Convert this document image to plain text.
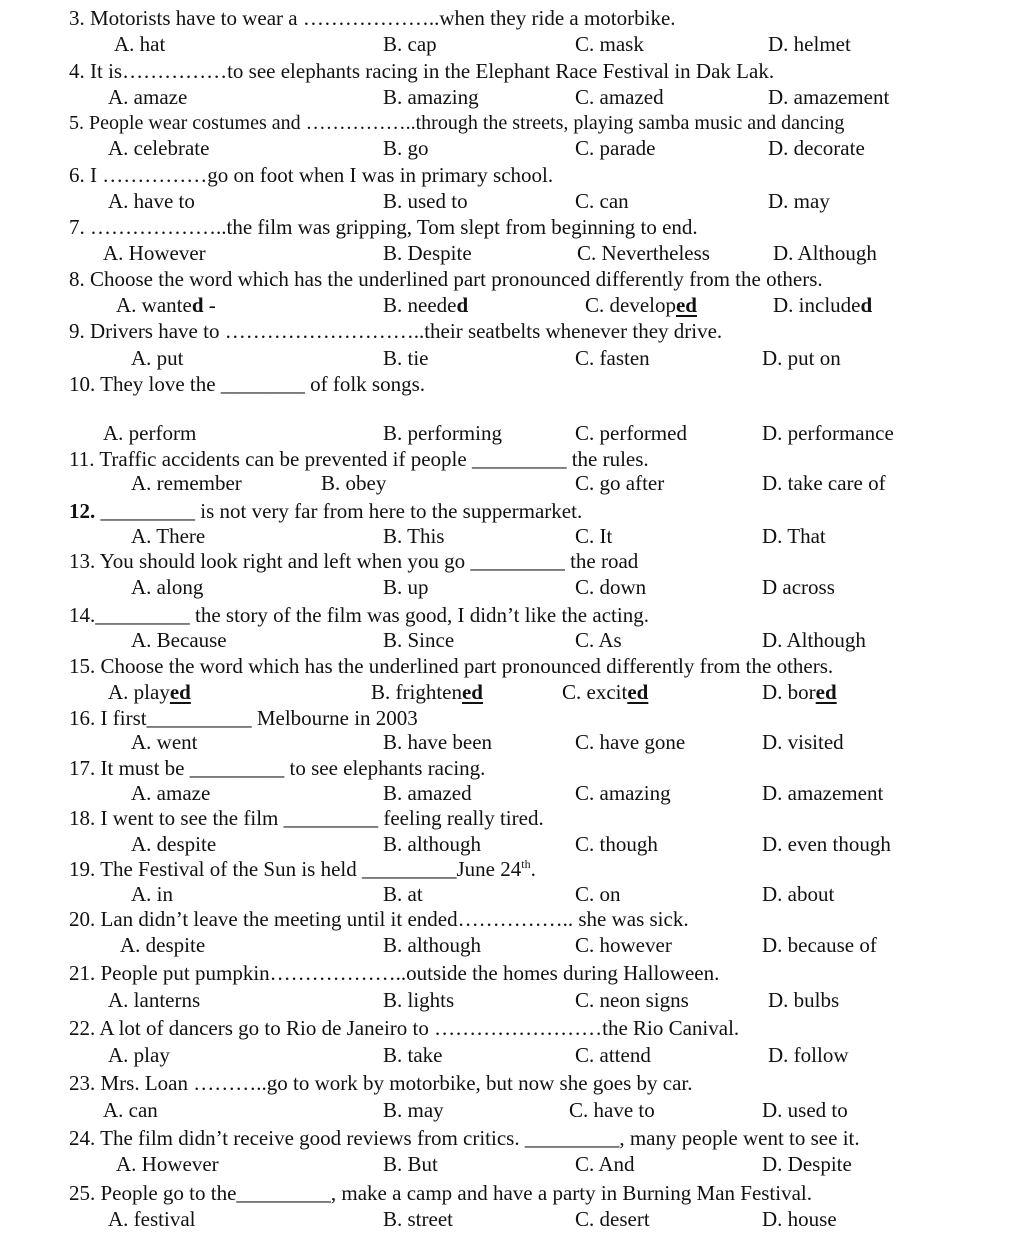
3. Motorists have to wear a ………………..when they ride a motorbike.
A. hat	B. cap	C. mask	D. helmet
4. It is……………to see elephants racing in the Elephant Race Festival in Dak Lak.
A. amaze	B. amazing	C. amazed	D. amazement
5. People wear costumes and ……………..through the streets, playing samba music and dancing
A. celebrate	B. go	C. parade	D. decorate
6. I ……………go on foot when I was in primary school.
A. have to	B. used to	C. can	D. may
7. ………………..the film was gripping, Tom slept from beginning to end.
A. However	B. Despite	C. Nevertheless	D. Although
8. Choose the word which has the underlined part pronounced differently from the others.
A. wanted -	B. needed	C. developed	D. included
9. Drivers have to ………………………..their seatbelts whenever they drive.
A. put	B. tie	C. fasten	D. put on
10. They love the ________ of folk songs.
A. perform	B. performing	C. performed	D. performance
11. Traffic accidents can be prevented if people _________ the rules.
A. remember	B. obey	C. go after	D. take care of
12. _________ is not very far from here to the suppermarket.
A. There	B. This	C. It	D. That
13. You should look right and left when you go _________ the road
A. along	B. up	C. down	D across
14._________ the story of the film was good, I didn’t like the acting.
A. Because	B. Since	C. As	D. Although
15. Choose the word which has the underlined part pronounced differently from the others.
A. played	B. frightened	C. excited	D. bored
16. I first__________ Melbourne in 2003
A. went	B. have been	C. have gone	D. visited
17. It must be _________ to see elephants racing.
A. amaze	B. amazed	C. amazing	D. amazement
18. I went to see the film _________ feeling really tired.
A. despite	B. although	C. though	D. even though
19. The Festival of the Sun is held _________June 24th.
A. in	B. at	C. on	D. about
20. Lan didn’t leave the meeting until it ended…………….. she was sick.
A. despite	B. although	C. however	D. because of
21. People put pumpkin………………..outside the homes during Halloween.
A. lanterns	B. lights	C. neon signs	D. bulbs
22. A lot of dancers go to Rio de Janeiro to ……………………the Rio Canival.
A. play	B. take	C. attend	D. follow
23. Mrs. Loan ………..go to work by motorbike, but now she goes by car.
A. can	B. may	C. have to	D. used to
24. The film didn’t receive good reviews from critics. _________, many people went to see it.
A. However	B. But	C. And	D. Despite
25. People go to the_________, make a camp and have a party in Burning Man Festival.
A. festival	B. street	C. desert	D. house
